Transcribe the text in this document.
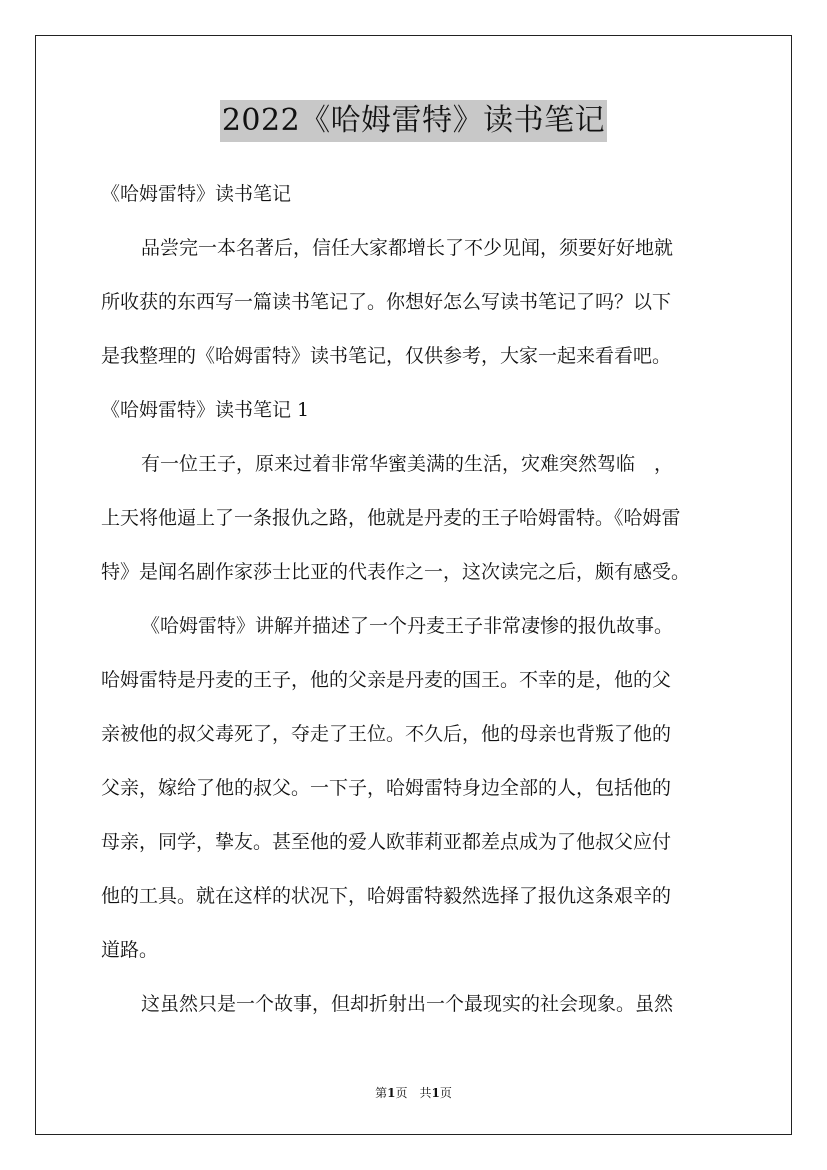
2022《哈姆雷特》读书笔记
《哈姆雷特》读书笔记
品尝完一本名著后，信任大家都增长了不少见闻，须要好好地就
所收获的东西写一篇读书笔记了。你想好怎么写读书笔记了吗？以下
是我整理的《哈姆雷特》读书笔记，仅供参考，大家一起来看看吧。
《哈姆雷特》读书笔记 1
有一位王子，原来过着非常华蜜美满的生活，灾难突然驾临　，
上天将他逼上了一条报仇之路，他就是丹麦的王子哈姆雷特。《哈姆雷
特》是闻名剧作家莎士比亚的代表作之一，这次读完之后，颇有感受。
《哈姆雷特》讲解并描述了一个丹麦王子非常凄惨的报仇故事。
哈姆雷特是丹麦的王子，他的父亲是丹麦的国王。不幸的是，他的父
亲被他的叔父毒死了，夺走了王位。不久后，他的母亲也背叛了他的
父亲，嫁给了他的叔父。一下子，哈姆雷特身边全部的人，包括他的
母亲，同学，挚友。甚至他的爱人欧菲莉亚都差点成为了他叔父应付
他的工具。就在这样的状况下，哈姆雷特毅然选择了报仇这条艰辛的
道路。
这虽然只是一个故事，但却折射出一个最现实的社会现象。虽然
第1页　共1页
